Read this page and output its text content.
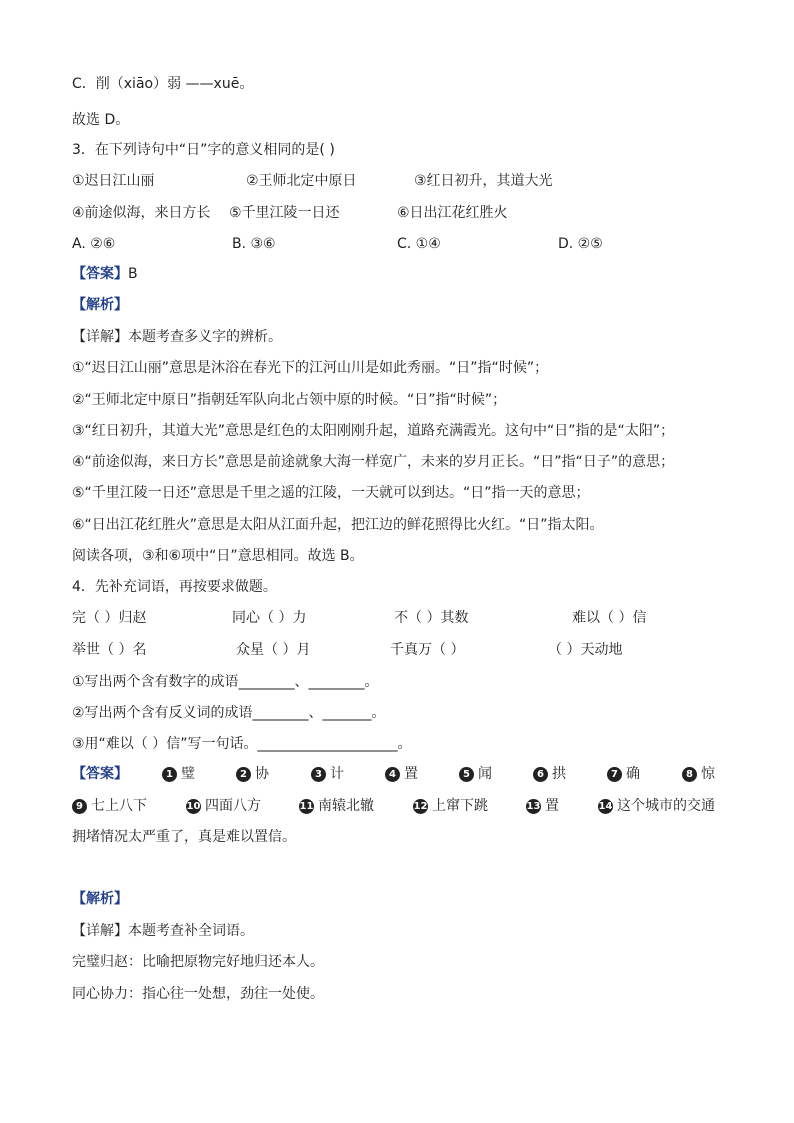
C．削（xiāo）弱 ——xuē。
故选 D。
3．在下列诗句中“日”字的意义相同的是( )
①迟日江山丽	②王师北定中原日	③红日初升，其道大光
④前途似海，来日方长 ⑤千里江陵一日还	⑥日出江花红胜火
A. ②⑥	B. ③⑥	C. ①④	D. ②⑤
【答案】B
【解析】
【详解】本题考查多义字的辨析。
①“迟日江山丽”意思是沐浴在春光下的江河山川是如此秀丽。“日”指“时候”；
②“王师北定中原日”指朝廷军队向北占领中原的时候。“日”指“时候”；
③“红日初升，其道大光”意思是红色的太阳刚刚升起，道路充满霞光。这句中“日”指的是“太阳”；
④“前途似海，来日方长”意思是前途就象大海一样宽广，未来的岁月正长。“日”指“日子”的意思；
⑤“千里江陵一日还”意思是千里之遥的江陵，一天就可以到达。“日”指一天的意思；
⑥“日出江花红胜火”意思是太阳从江面升起，把江边的鲜花照得比火红。“日”指太阳。
阅读各项，③和⑥项中“日”意思相同。故选 B。
4．先补充词语，再按要求做题。
完（ ）归赵	同心（ ）力	不（ ）其数	难以（ ）信
举世（ ）名	众星（ ）月	千真万（ ）	（ ）天动地
①写出两个含有数字的成语________、________。
②写出两个含有反义词的成语________、_______。
③用“难以（ ）信”写一句话。____________________。
【答案】	1 璧	2 协	3 计	4 置	5 闻	6 拱	7 确	8 惊
9 七上八下	10 四面八方	11 南辕北辙	12 上窜下跳	13 置	14 这个城市的交通
拥堵情况太严重了，真是难以置信。
【解析】
【详解】本题考查补全词语。
完璧归赵：比喻把原物完好地归还本人。
同心协力：指心往一处想，劲往一处使。
